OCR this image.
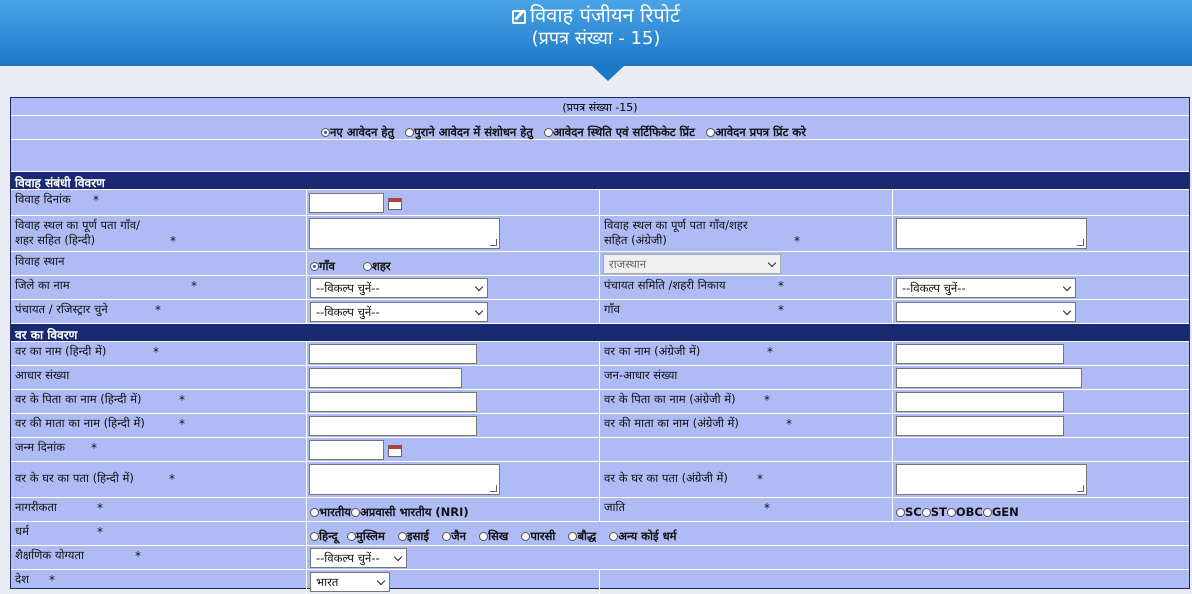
विवाह पंजीयन रिपोर्ट
(प्रपत्र संख्या - 15)
(प्रपत्र संख्या -15)
नए आवेदन हेतु पुराने आवेदन में संशोधन हेतु आवेदन स्थिति एवं सर्टिफिकेट प्रिंट आवेदन प्रपत्र प्रिंट करे
विवाह संबंधी विवरण
विवाह दिनांक *
विवाह स्थल का पूर्ण पता गाँव/
शहर सहित (हिन्दी)	*
विवाह स्थल का पूर्ण पता गाँव/शहर
सहित (अंग्रेजी)	*
विवाह स्थान	गाँव	शहर	राजस्थान
जिले का नाम	*	--विकल्प चुनें--	पंचायत समिति /शहरी निकाय	*	--विकल्प चुनें--
पंचायत / रजिस्ट्रार चुने	*	--विकल्प चुनें--	गाँव	*
वर का विवरण
वर का नाम (हिन्दी में)	*	वर का नाम (अंग्रेजी में)	*
आधार संख्या	जन-आधार संख्या
वर के पिता का नाम (हिन्दी में)	*	वर के पिता का नाम (अंग्रेजी में) *
वर की माता का नाम (हिन्दी में)	*	वर की माता का नाम (अंग्रेजी में)	*
जन्म दिनांक *
वर के घर का पता (हिन्दी में)	*	वर के घर का पता (अंग्रेजी में) *
नागरीकता	*	भारतीय अप्रवासी भारतीय (NRI)	जाति	*	SC ST OBC GEN
धर्म	*	हिन्दू मुस्लिम इसाई जैन सिख पारसी बौद्ध अन्य कोई धर्म
शैक्षणिक योग्यता	*	--विकल्प चुनें--
देश *	भारत
